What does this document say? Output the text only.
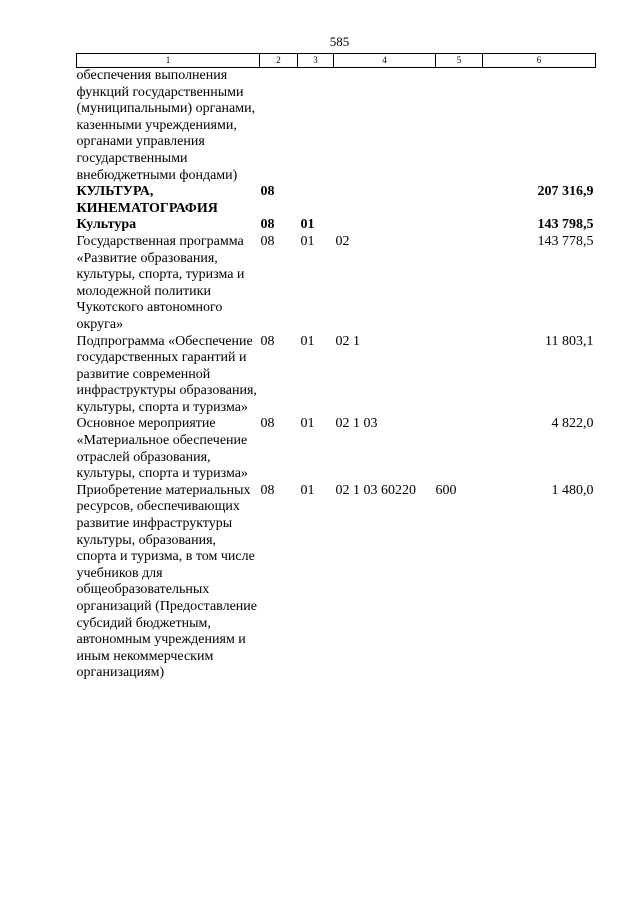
585
1	2	3	4	5	6
обеспечения выполнения функций государственными (муниципальными) органами, казенными учреждениями, органами управления государственными внебюджетными фондами)					
КУЛЬТУРА, КИНЕМАТОГРАФИЯ	08				207 316,9
Культура	08	01			143 798,5
Государственная программа «Развитие образования, культуры, спорта, туризма и молодежной политики Чукотского автономного округа»	08	01	02		143 778,5
Подпрограмма «Обеспечение государственных гарантий и развитие современной инфраструктуры образования, культуры, спорта и туризма»	08	01	02 1		11 803,1
Основное мероприятие «Материальное обеспечение отраслей образования, культуры, спорта и туризма»	08	01	02 1 03		4 822,0
Приобретение материальных ресурсов, обеспечивающих развитие инфраструктуры культуры, образования, спорта и туризма, в том числе учебников для общеобразовательных организаций (Предоставление субсидий бюджетным, автономным учреждениям и иным некоммерческим организациям)	08	01	02 1 03 60220	600	1 480,0
